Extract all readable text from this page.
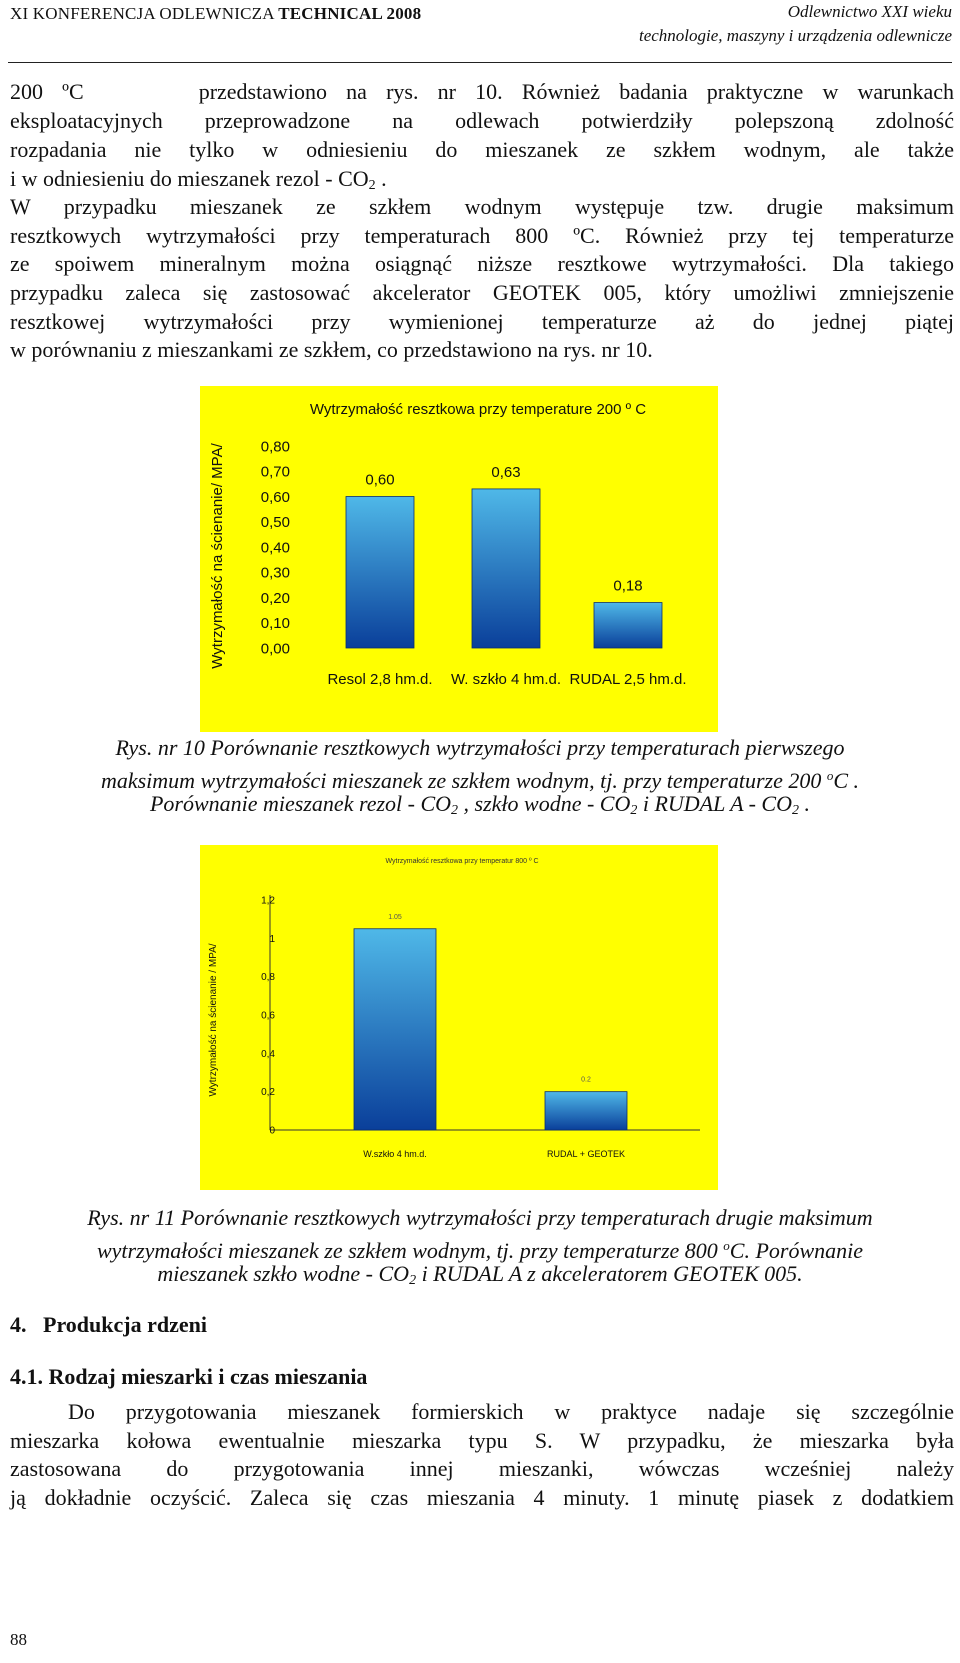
XI KONFERENCJA ODLEWNICZA TECHNICAL 2008	Odlewnictwo XXI wieku
technologie, maszyny i urządzenia odlewnicze
200 ºC	przedstawiono na rys. nr 10. Również badania praktyczne w warunkach
eksploatacyjnych przeprowadzone na odlewach potwierdziły polepszoną zdolność
rozpadania nie tylko w odniesieniu do mieszanek ze szkłem wodnym, ale także
i w odniesieniu do mieszanek rezol - $CO_2$ .
W przypadku mieszanek ze szkłem wodnym występuje tzw. drugie maksimum
resztkowych wytrzymałości przy temperaturach 800 ºC. Również przy tej temperaturze
ze spoiwem mineralnym można osiągnąć niższe resztkowe wytrzymałości. Dla takiego
przypadku zaleca się zastosować akcelerator GEOTEK 005, który umożliwi zmniejszenie
resztkowej wytrzymałości przy wymienionej temperaturze aż do jednej piątej
w porównaniu z mieszankami ze szkłem, co przedstawiono na rys. nr 10.
Wytrzymałość resztkowa przy temperature 200 º C
Wytrzymałość na ścienanie/ MPA/ 0,00
0,10
0,20
0,30
0,40
0,50
0,60
0,70
0,80
0,60	0,63
0,18
Resol 2,8 hm.d. W. szkło 4 hm.d. RUDAL 2,5 hm.d.
Rys. nr 10 Porównanie resztkowych wytrzymałości przy temperaturach pierwszego
maksimum wytrzymałości mieszanek ze szkłem wodnym, tj. przy temperaturze 200 $^o$C .
Porównanie mieszanek rezol - $CO_2$ , szkło wodne - $CO_2$ i RUDAL A - $CO_2$ .
Wytrzymałość resztkowa przy temperatur 800 º C
Wytrzymałość na ścienanie / MPA/
0
0,2
0,4
0,6
0,8
1
1,2
1.05
0.2
W.szkło 4 hm.d.	RUDAL + GEOTEK
Rys. nr 11 Porównanie resztkowych wytrzymałości przy temperaturach drugie maksimum
wytrzymałości mieszanek ze szkłem wodnym, tj. przy temperaturze 800 $^o$C. Porównanie
mieszanek szkło wodne - $CO_2$ i RUDAL A z akceleratorem GEOTEK 005.
4. Produkcja rdzeni
4.1. Rodzaj mieszarki i czas mieszania
Do przygotowania mieszanek formierskich w praktyce nadaje się szczególnie
mieszarka kołowa ewentualnie mieszarka typu S. W przypadku, że mieszarka była
zastosowana do przygotowania innej mieszanki, wówczas wcześniej należy
ją dokładnie oczyścić. Zaleca się czas mieszania 4 minuty. 1 minutę piasek z dodatkiem
88
